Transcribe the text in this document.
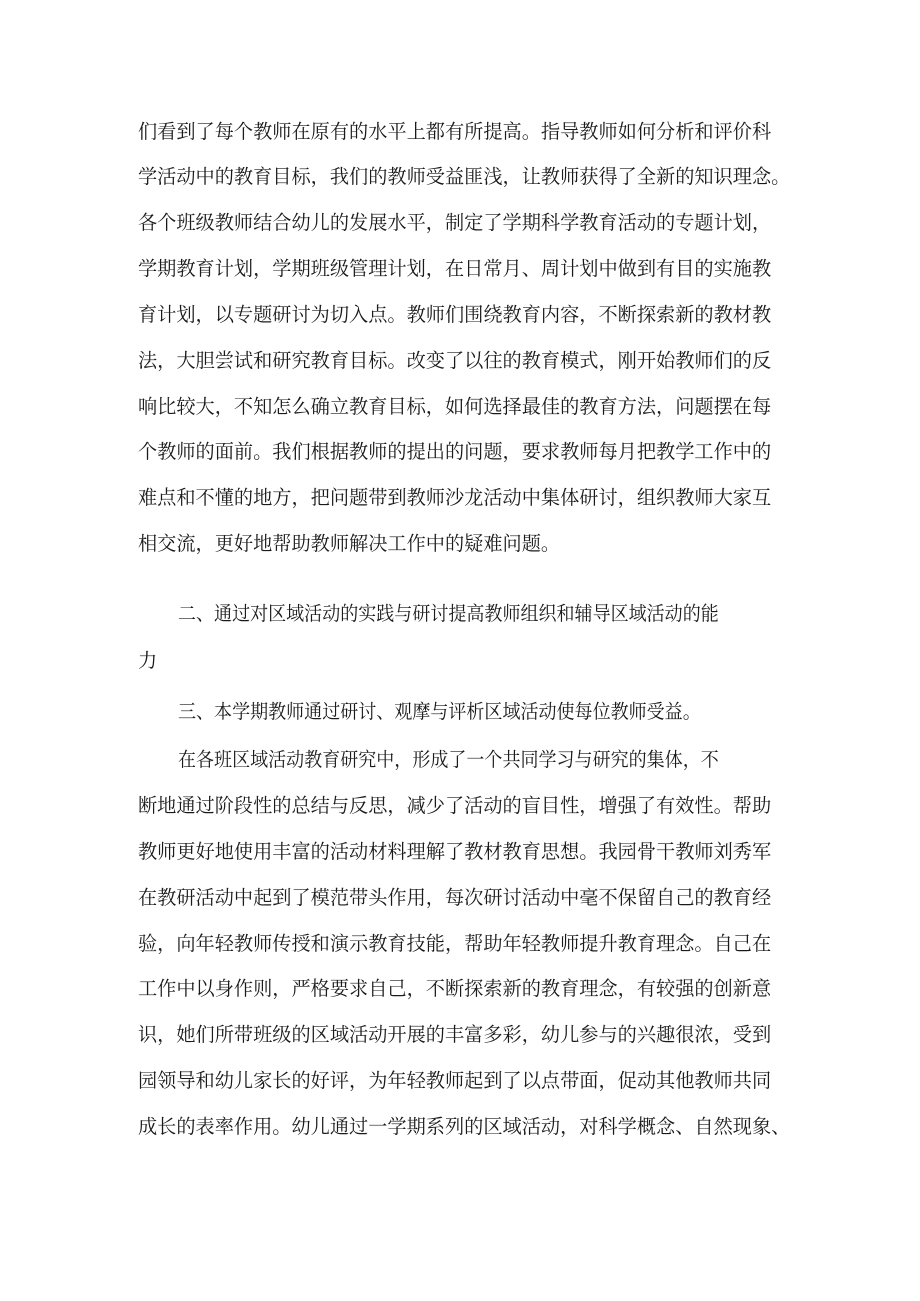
们看到了每个教师在原有的水平上都有所提高。指导教师如何分析和评价科
学活动中的教育目标，我们的教师受益匪浅，让教师获得了全新的知识理念。
各个班级教师结合幼儿的发展水平，制定了学期科学教育活动的专题计划，
学期教育计划，学期班级管理计划，在日常月、周计划中做到有目的实施教
育计划，以专题研讨为切入点。教师们围绕教育内容，不断探索新的教材教
法，大胆尝试和研究教育目标。改变了以往的教育模式，刚开始教师们的反
响比较大，不知怎么确立教育目标，如何选择最佳的教育方法，问题摆在每
个教师的面前。我们根据教师的提出的问题，要求教师每月把教学工作中的
难点和不懂的地方，把问题带到教师沙龙活动中集体研讨，组织教师大家互
相交流，更好地帮助教师解决工作中的疑难问题。
二、通过对区域活动的实践与研讨提高教师组织和辅导区域活动的能
力
三、本学期教师通过研讨、观摩与评析区域活动使每位教师受益。
在各班区域活动教育研究中，形成了一个共同学习与研究的集体，不
断地通过阶段性的总结与反思，减少了活动的盲目性，增强了有效性。帮助
教师更好地使用丰富的活动材料理解了教材教育思想。我园骨干教师刘秀军
在教研活动中起到了模范带头作用，每次研讨活动中毫不保留自己的教育经
验，向年轻教师传授和演示教育技能，帮助年轻教师提升教育理念。自己在
工作中以身作则，严格要求自己，不断探索新的教育理念，有较强的创新意
识，她们所带班级的区域活动开展的丰富多彩，幼儿参与的兴趣很浓，受到
园领导和幼儿家长的好评，为年轻教师起到了以点带面，促动其他教师共同
成长的表率作用。幼儿通过一学期系列的区域活动，对科学概念、自然现象、
